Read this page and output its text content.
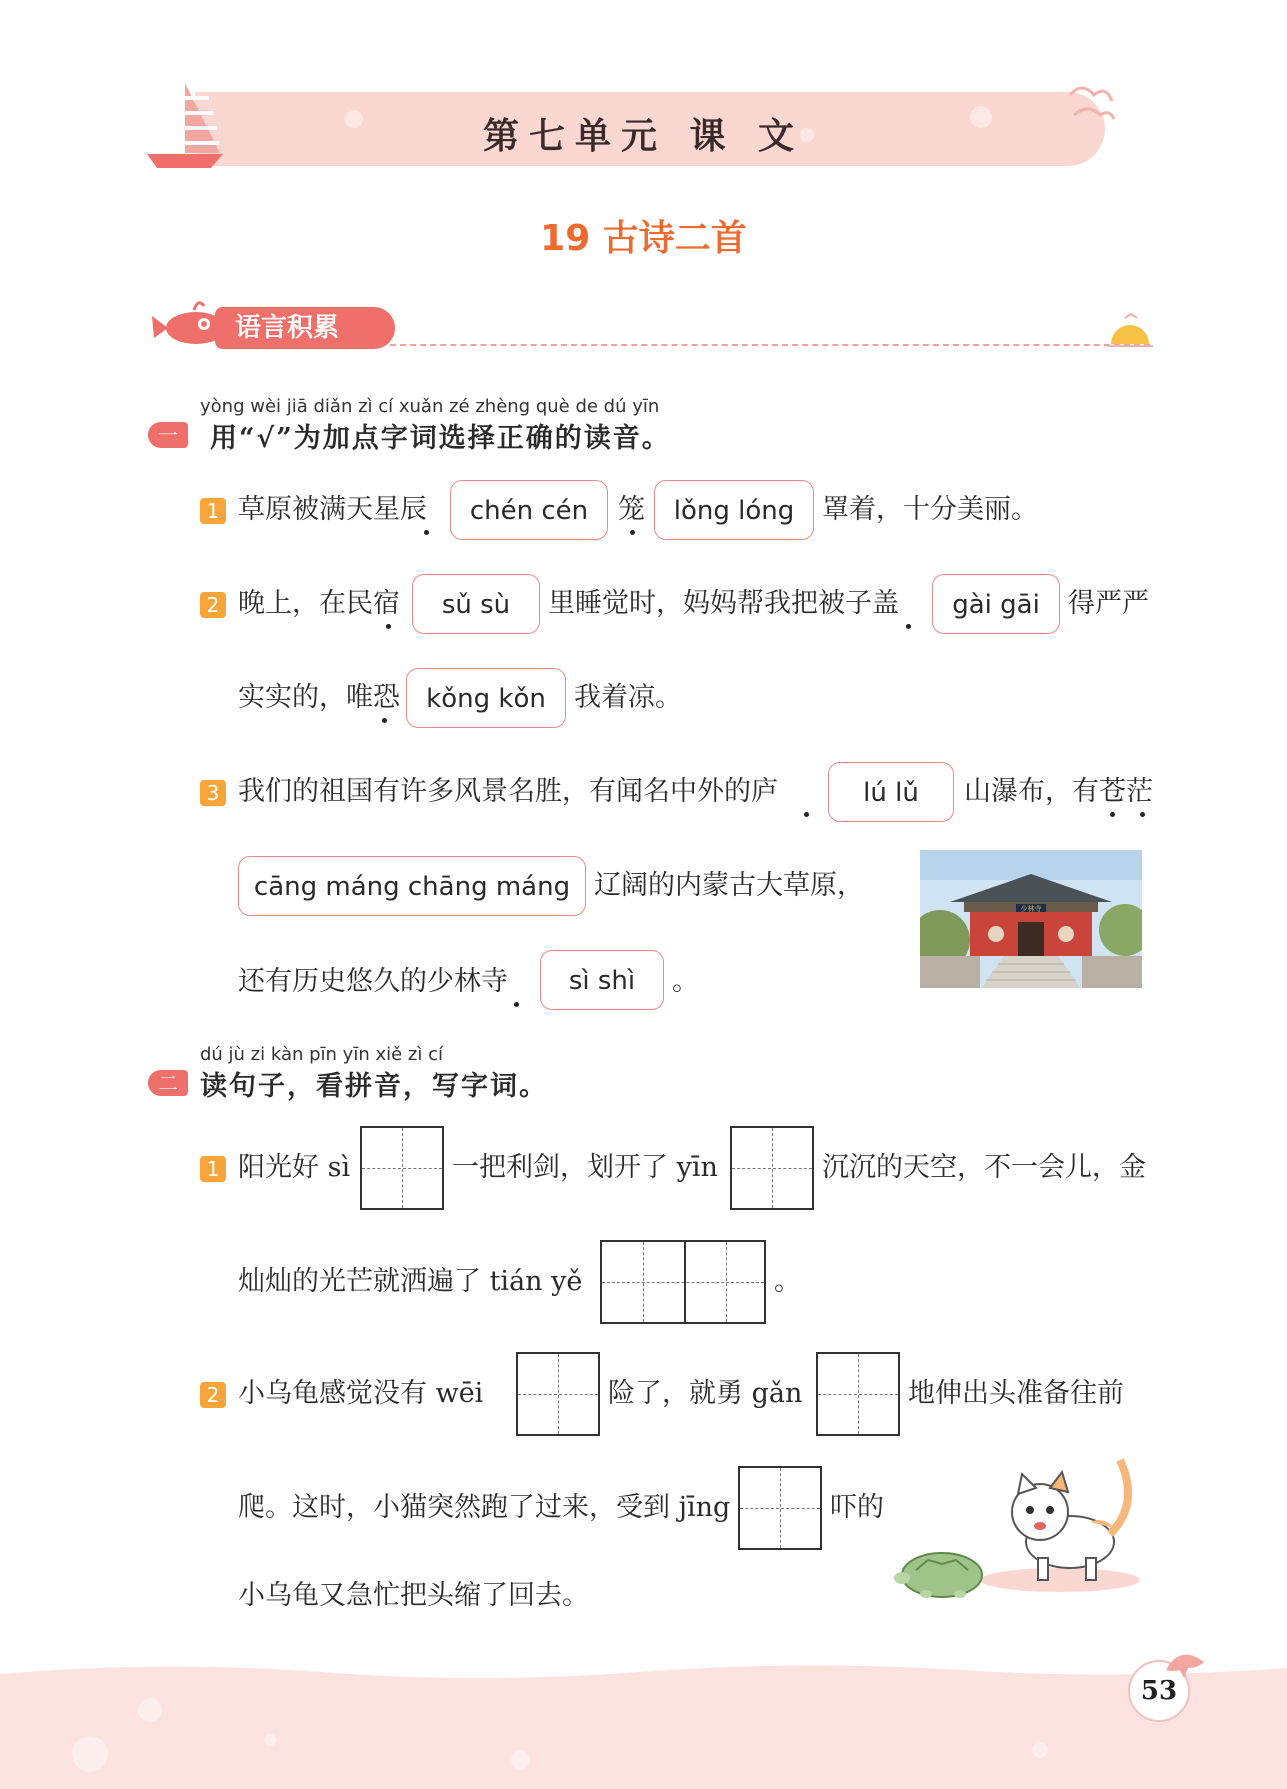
第七单元 课 文
19 古诗二首
语言积累
yòng wèi jiā diǎn zì cí xuǎn zé zhèng què de dú yīn
一	用“√”为加点字词选择正确的读音。
1 草原被满天星辰	chén cén	笼	lǒng lóng	罩着，十分美丽。
2 晚上，在民宿	sǔ sù	里睡觉时，妈妈帮我把被子盖	gài gāi	得严严
实实的，唯恐	kǒng kǒn	我着凉。
3 我们的祖国有许多风景名胜，有闻名中外的庐	lú lǔ	山瀑布，有苍茫
cāng máng chāng máng 辽阔的内蒙古大草原，
还有历史悠久的少林寺	sì shì	。
少林寺
dú jù zi kàn pīn yīn xiě zì cí
二 读句子，看拼音，写字词。
1 阳光好 sì	一把利剑，划开了 yīn	沉沉的天空，不一会儿，金
灿灿的光芒就洒遍了 tián yě	。
2 小乌龟感觉没有 wēi	险了，就勇 gǎn	地伸出头准备往前
爬。这时，小猫突然跑了过来，受到 jīng	吓的
小乌龟又急忙把头缩了回去。
53
